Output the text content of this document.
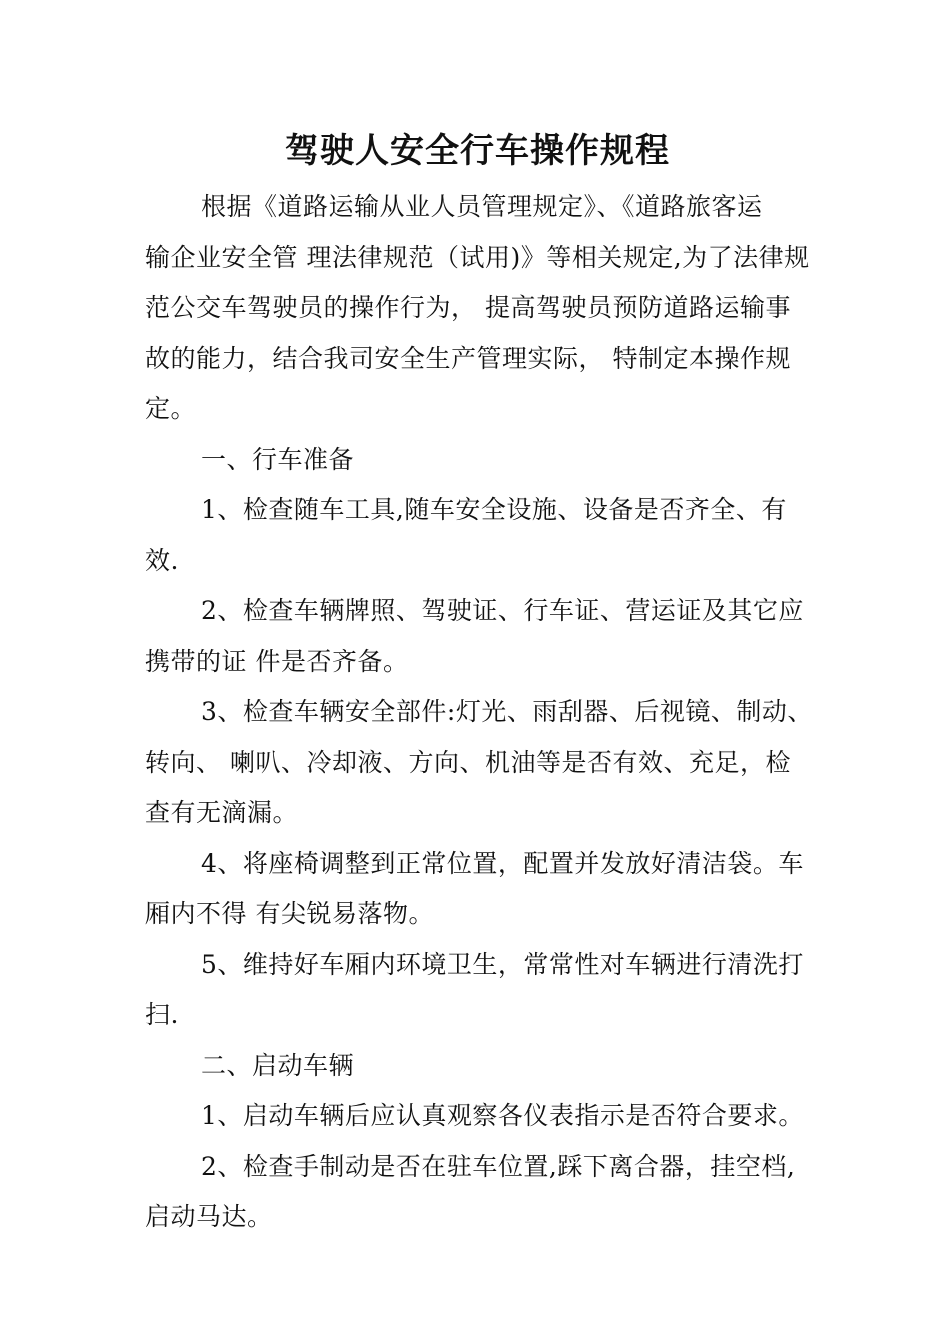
驾驶人安全行车操作规程
根据《道路运输从业人员管理规定》、《道路旅客运
输企业安全管 理法律规范（试用)》等相关规定,为了法律规
范公交车驾驶员的操作行为， 提高驾驶员预防道路运输事
故的能力，结合我司安全生产管理实际， 特制定本操作规
定。
一、行车准备
1、检查随车工具,随车安全设施、设备是否齐全、有
效.
2、检查车辆牌照、驾驶证、行车证、营运证及其它应
携带的证 件是否齐备。
3、检查车辆安全部件:灯光、雨刮器、后视镜、制动、
转向、 喇叭、冷却液、方向、机油等是否有效、充足，检
查有无滴漏。
4、将座椅调整到正常位置，配置并发放好清洁袋。车
厢内不得 有尖锐易落物。
5、维持好车厢内环境卫生，常常性对车辆进行清洗打
扫.
二、启动车辆
1、启动车辆后应认真观察各仪表指示是否符合要求。
2、检查手制动是否在驻车位置,踩下离合器，挂空档,
启动马达。
